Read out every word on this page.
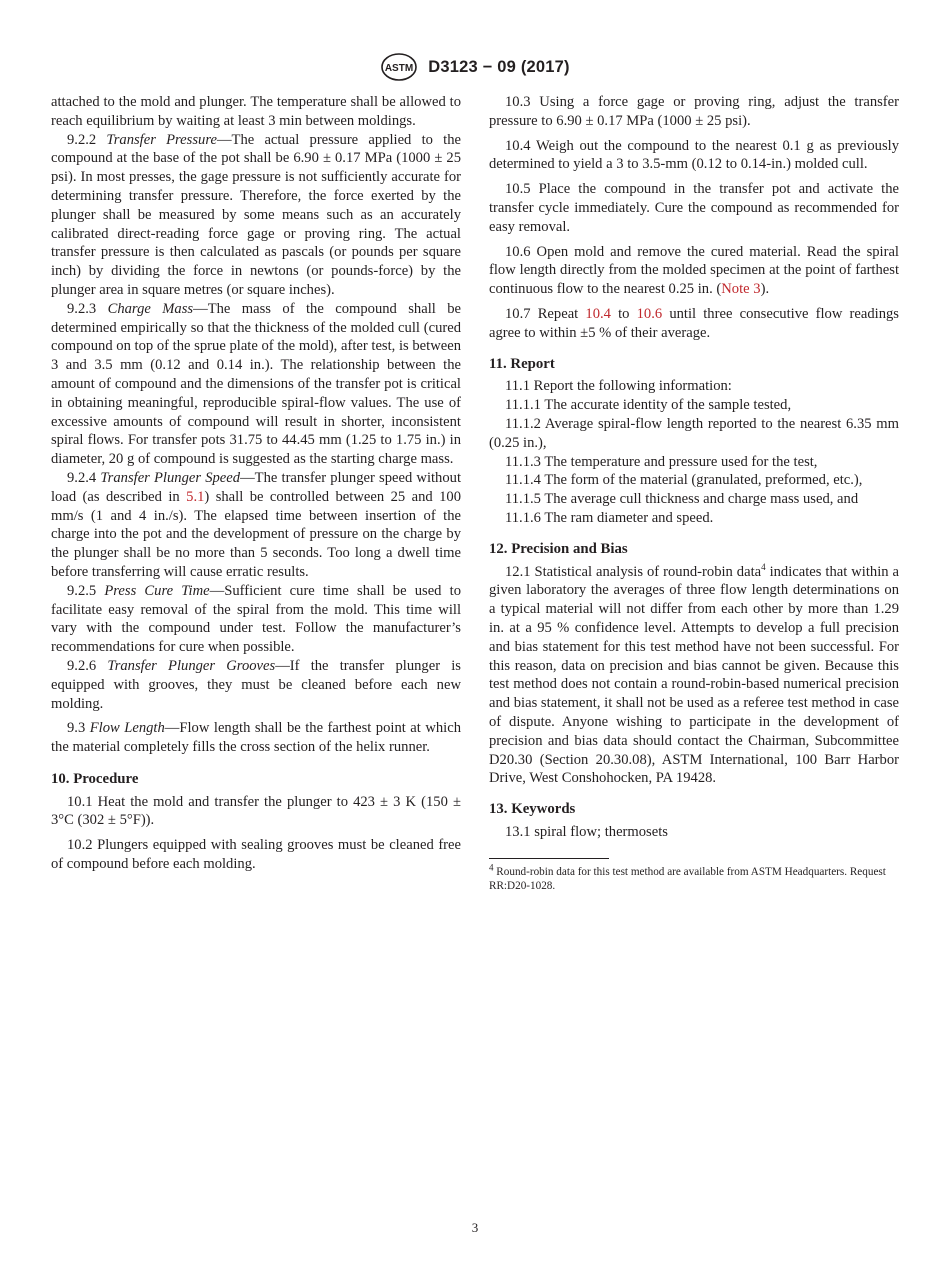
ASTM D3123 − 09 (2017)

attached to the mold and plunger. The temperature shall be allowed to reach equilibrium by waiting at least 3 min between moldings.

9.2.2 Transfer Pressure—The actual pressure applied to the compound at the base of the pot shall be 6.90 ± 0.17 MPa (1000 ± 25 psi). In most presses, the gage pressure is not sufficiently accurate for determining transfer pressure. Therefore, the force exerted by the plunger shall be measured by some means such as an accurately calibrated direct-reading force gage or proving ring. The actual transfer pressure is then calculated as pascals (or pounds per square inch) by dividing the force in newtons (or pounds-force) by the plunger area in square metres (or square inches).

9.2.3 Charge Mass—The mass of the compound shall be determined empirically so that the thickness of the molded cull (cured compound on top of the sprue plate of the mold), after test, is between 3 and 3.5 mm (0.12 and 0.14 in.). The relationship between the amount of compound and the dimensions of the transfer pot is critical in obtaining meaningful, reproducible spiral-flow values. The use of excessive amounts of compound will result in shorter, inconsistent spiral flows. For transfer pots 31.75 to 44.45 mm (1.25 to 1.75 in.) in diameter, 20 g of compound is suggested as the starting charge mass.

9.2.4 Transfer Plunger Speed—The transfer plunger speed without load (as described in 5.1) shall be controlled between 25 and 100 mm/s (1 and 4 in./s). The elapsed time between insertion of the charge into the pot and the development of pressure on the charge by the plunger shall be no more than 5 seconds. Too long a dwell time before transferring will cause erratic results.

9.2.5 Press Cure Time—Sufficient cure time shall be used to facilitate easy removal of the spiral from the mold. This time will vary with the compound under test. Follow the manufacturer’s recommendations for cure when possible.

9.2.6 Transfer Plunger Grooves—If the transfer plunger is equipped with grooves, they must be cleaned before each new molding.

9.3 Flow Length—Flow length shall be the farthest point at which the material completely fills the cross section of the helix runner.

10. Procedure

10.1 Heat the mold and transfer the plunger to 423 ± 3 K (150 ± 3°C (302 ± 5°F)).

10.2 Plungers equipped with sealing grooves must be cleaned free of compound before each molding.

10.3 Using a force gage or proving ring, adjust the transfer pressure to 6.90 ± 0.17 MPa (1000 ± 25 psi).

10.4 Weigh out the compound to the nearest 0.1 g as previously determined to yield a 3 to 3.5-mm (0.12 to 0.14-in.) molded cull.

10.5 Place the compound in the transfer pot and activate the transfer cycle immediately. Cure the compound as recommended for easy removal.

10.6 Open mold and remove the cured material. Read the spiral flow length directly from the molded specimen at the point of farthest continuous flow to the nearest 0.25 in. (Note 3).

10.7 Repeat 10.4 to 10.6 until three consecutive flow readings agree to within ±5 % of their average.

11. Report

11.1 Report the following information:

11.1.1 The accurate identity of the sample tested,

11.1.2 Average spiral-flow length reported to the nearest 6.35 mm (0.25 in.),

11.1.3 The temperature and pressure used for the test,

11.1.4 The form of the material (granulated, preformed, etc.),

11.1.5 The average cull thickness and charge mass used, and

11.1.6 The ram diameter and speed.

12. Precision and Bias

12.1 Statistical analysis of round-robin data$^4$ indicates that within a given laboratory the averages of three flow length determinations on a typical material will not differ from each other by more than 1.29 in. at a 95 % confidence level. Attempts to develop a full precision and bias statement for this test method have not been successful. For this reason, data on precision and bias cannot be given. Because this test method does not contain a round-robin-based numerical precision and bias statement, it shall not be used as a referee test method in case of dispute. Anyone wishing to participate in the development of precision and bias data should contact the Chairman, Subcommittee D20.30 (Section 20.30.08), ASTM International, 100 Barr Harbor Drive, West Conshohocken, PA 19428.

13. Keywords

13.1 spiral flow; thermosets

$^4$ Round-robin data for this test method are available from ASTM Headquarters. Request RR:D20-1028.

3
